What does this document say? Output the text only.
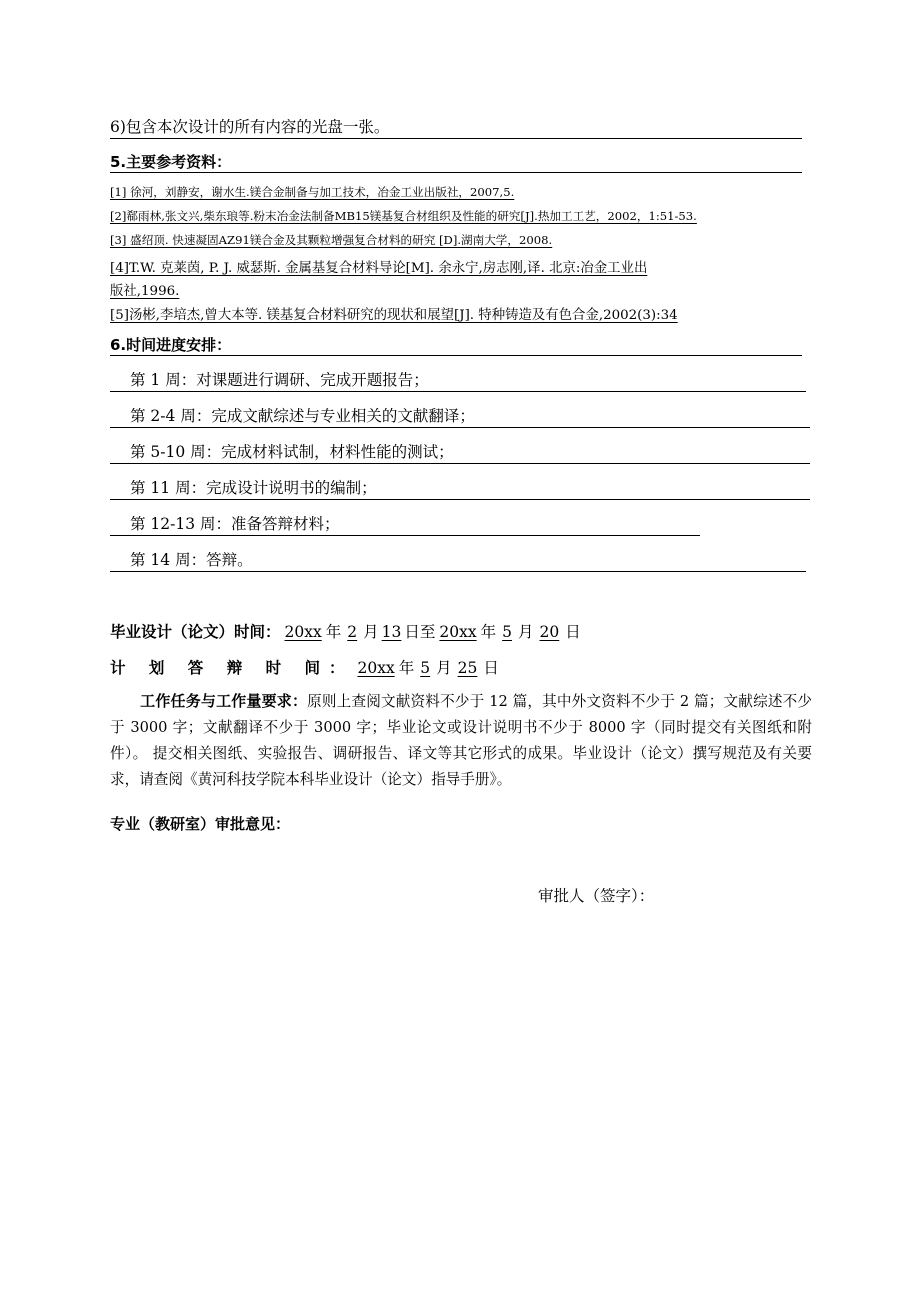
6)包含本次设计的所有内容的光盘一张。
5.主要参考资料：
[1] 徐河，刘静安，谢水生.镁合金制备与加工技术，冶金工业出版社，2007,5.
[2]郗雨林,张文兴,柴东琅等.粉末冶金法制备MB15镁基复合材组织及性能的研究[J].热加工工艺，2002，1:51-53.
[3] 盛绍顶. 快速凝固AZ91镁合金及其颗粒增强复合材料的研究 [D].湖南大学，2008.
[4]T.W. 克莱茵, P. J. 威瑟斯. 金属基复合材料导论[M]. 余永宁,房志刚,译. 北京:冶金工业出
版社,1996.
[5]汤彬,李培杰,曾大本等. 镁基复合材料研究的现状和展望[J]. 特种铸造及有色合金,2002(3):34
6.时间进度安排：
第 1 周：对课题进行调研、完成开题报告；
第 2-4 周：完成文献综述与专业相关的文献翻译；
第 5-10 周：完成材料试制，材料性能的测试；
第 11 周：完成设计说明书的编制；
第 12-13 周：准备答辩材料；
第 14 周：答辩。
毕业设计（论文）时间： 20xx 年 2 月 13 日至 20xx 年 5 月 20 日
计 划 答 辩 时 间： 20xx 年 5 月 25 日
工作任务与工作量要求：原则上查阅文献资料不少于 12 篇，其中外文资料不少于 2 篇；文献综述不少于 3000 字；文献翻译不少于 3000 字；毕业论文或设计说明书不少于 8000 字（同时提交有关图纸和附件）。 提交相关图纸、实验报告、调研报告、译文等其它形式的成果。毕业设计（论文）撰写规范及有关要求，请查阅《黄河科技学院本科毕业设计（论文）指导手册》。
专业（教研室）审批意见：
审批人（签字）：
